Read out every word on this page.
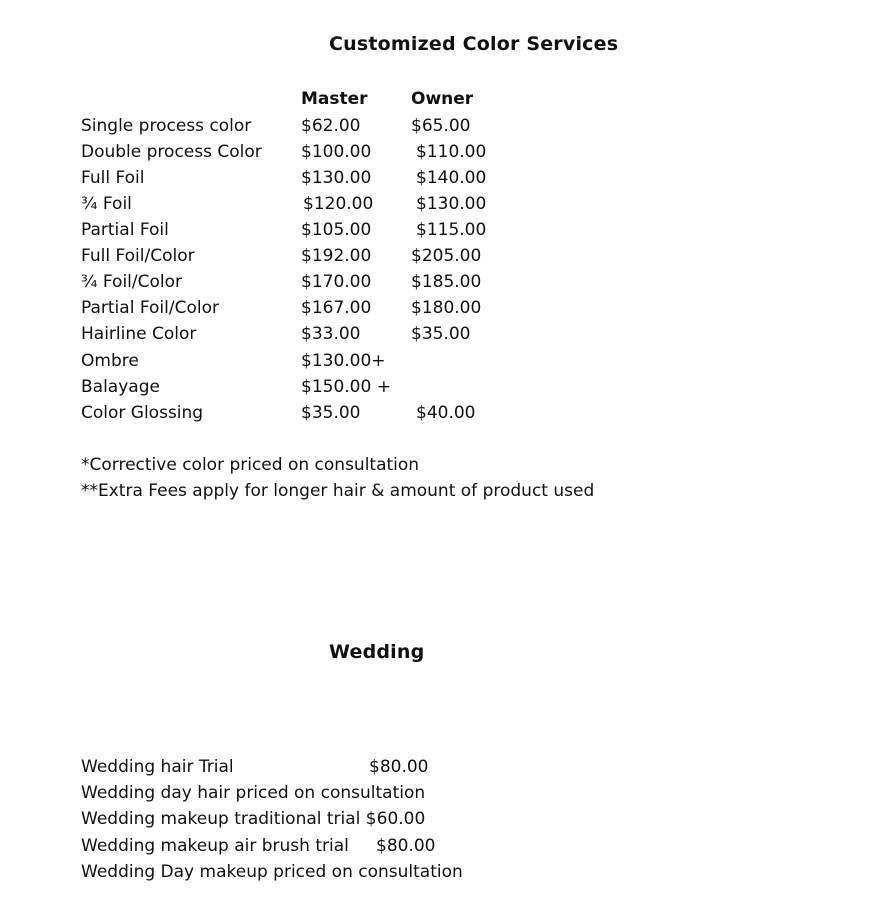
Customized Color Services
Master	Owner
Single process color	$62.00	$65.00
Double process Color $100.00	$110.00
Full Foil	$130.00	$140.00
¾ Foil	$120.00	$130.00
Partial Foil	$105.00	$115.00
Full Foil/Color	$192.00 $205.00
¾ Foil/Color	$170.00 $185.00
Partial Foil/Color	$167.00 $180.00
Hairline Color	$33.00	$35.00
Ombre	$130.00+
Balayage	$150.00 +
Color Glossing	$35.00	$40.00
*Corrective color priced on consultation
**Extra Fees apply for longer hair & amount of product used
Wedding
Wedding hair Trial	$80.00
Wedding day hair priced on consultation
Wedding makeup traditional trial $60.00
Wedding makeup air brush trial $80.00
Wedding Day makeup priced on consultation
